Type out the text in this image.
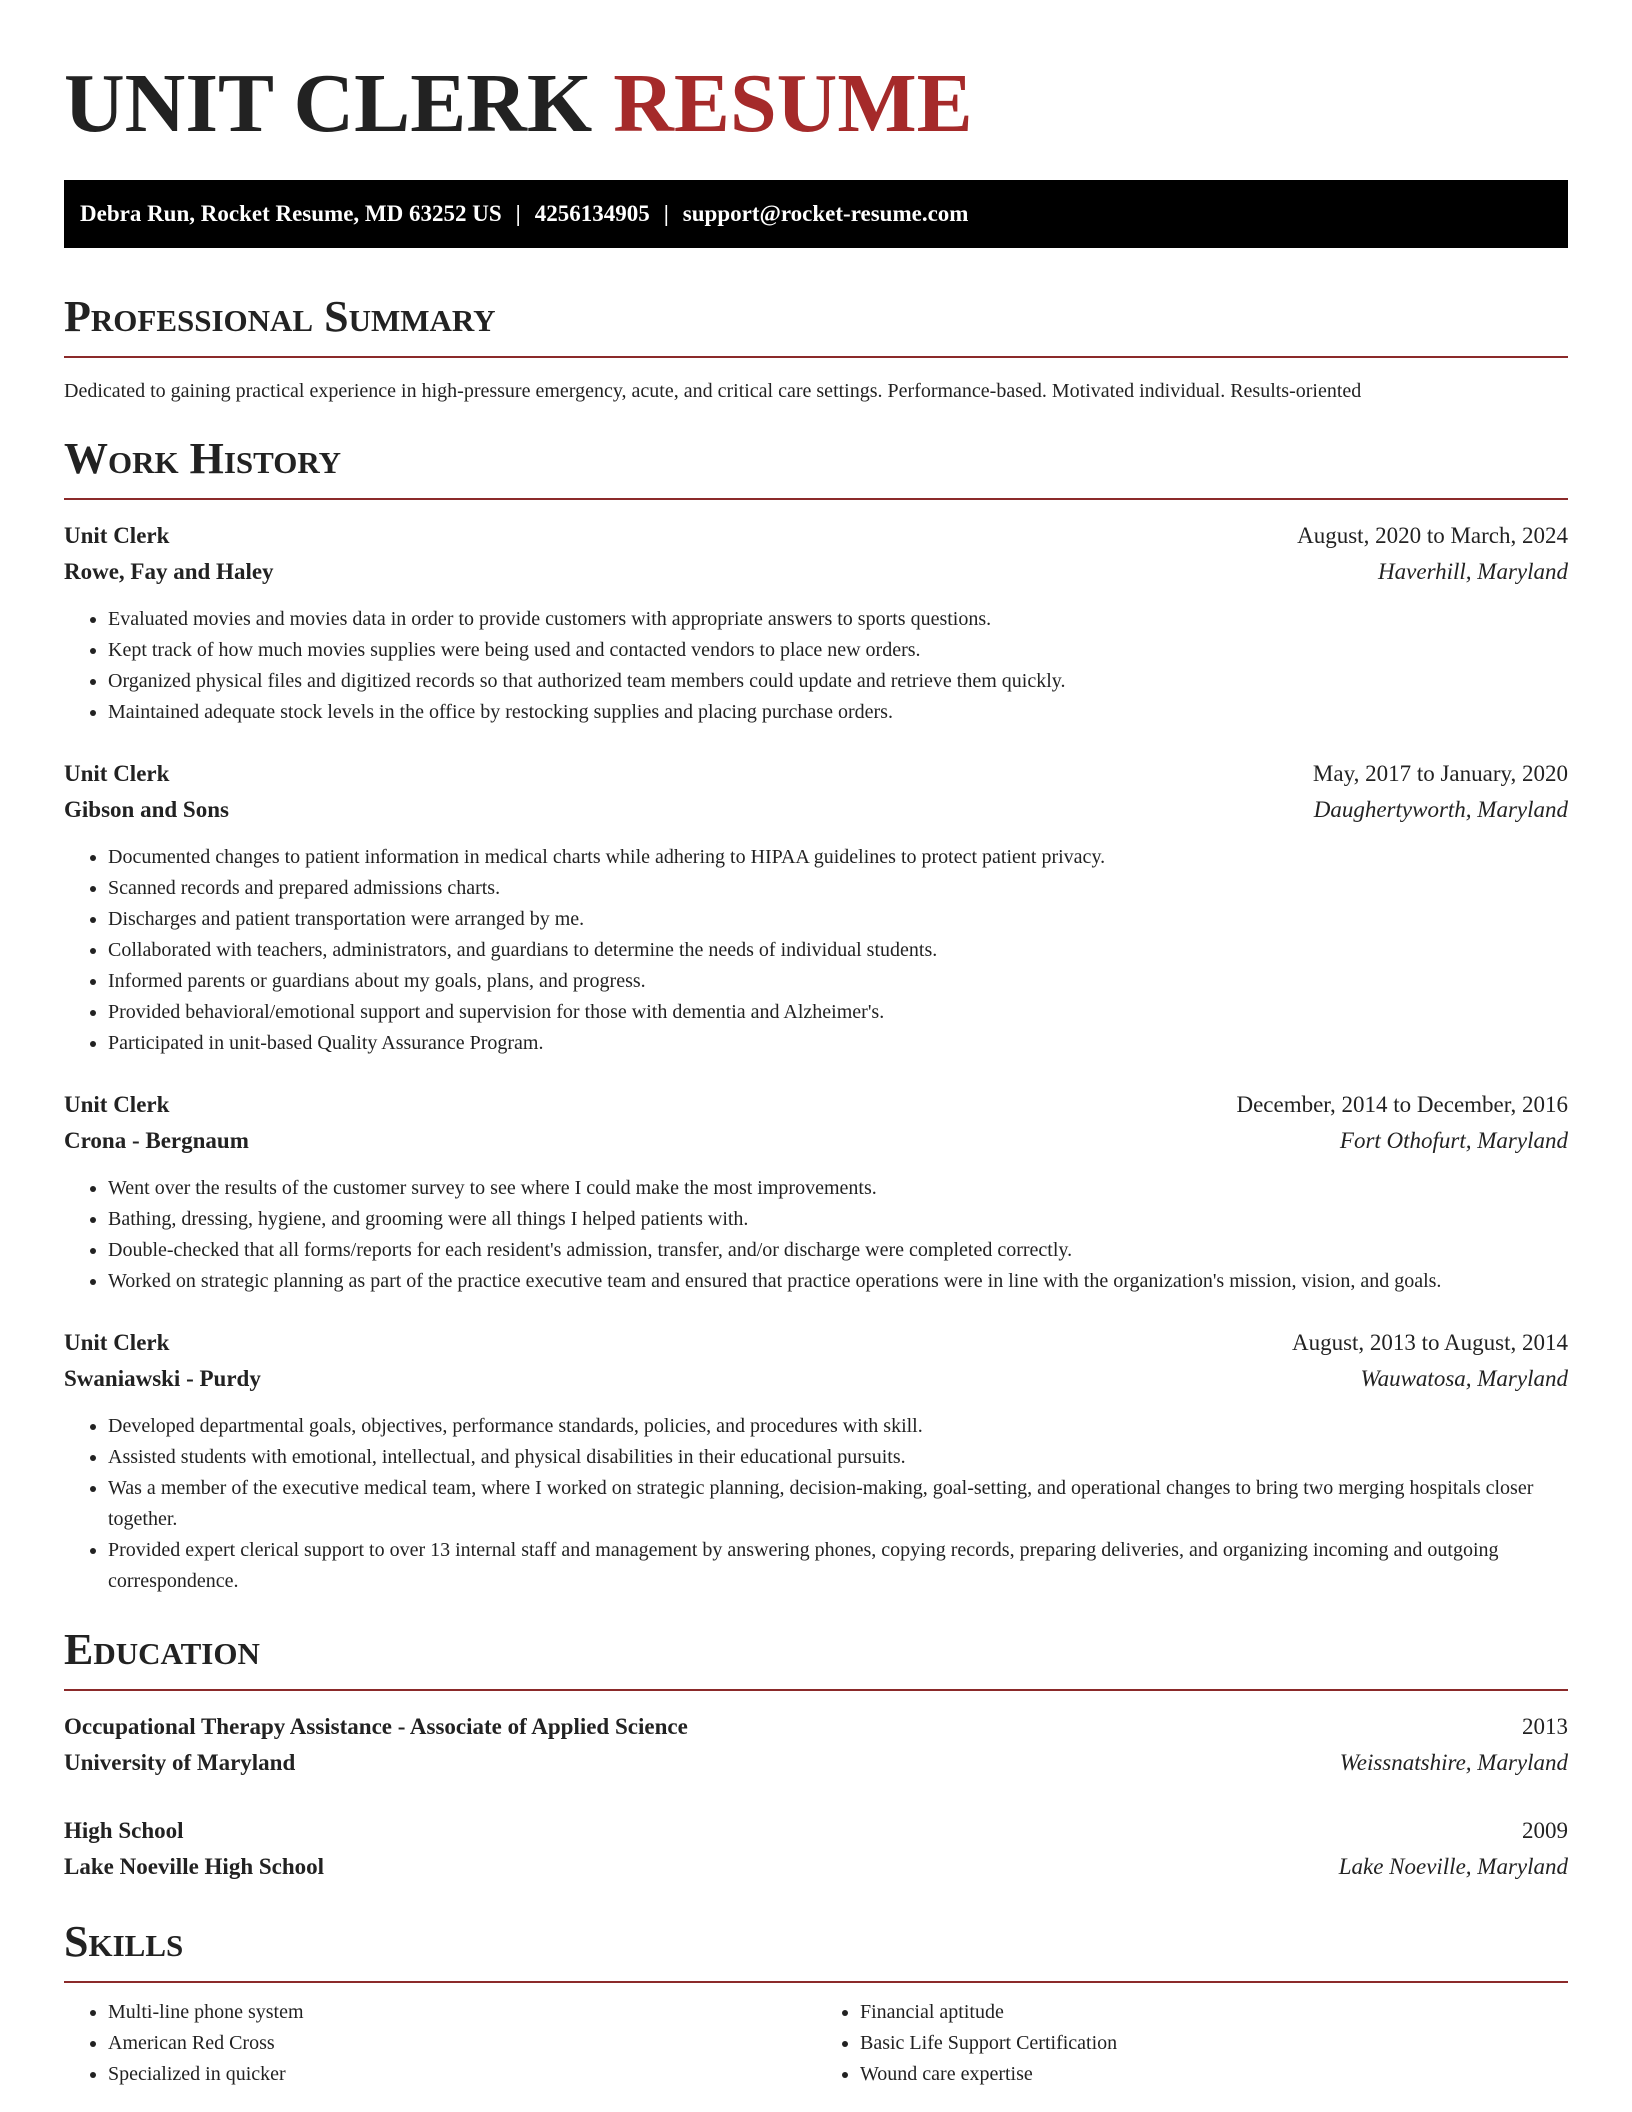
UNIT CLERK RESUME
Debra Run, Rocket Resume, MD 63252 US | 4256134905 | support@rocket-resume.com
Professional Summary

Dedicated to gaining practical experience in high-pressure emergency, acute, and critical care settings. Performance-based. Motivated individual. Results-oriented

Work History
Unit Clerk	August, 2020 to March, 2024
Rowe, Fay and Haley	Haverhill, Maryland
• Evaluated movies and movies data in order to provide customers with appropriate answers to sports questions.
• Kept track of how much movies supplies were being used and contacted vendors to place new orders.
• Organized physical files and digitized records so that authorized team members could update and retrieve them quickly.
• Maintained adequate stock levels in the office by restocking supplies and placing purchase orders.
Unit Clerk	May, 2017 to January, 2020
Gibson and Sons	Daughertyworth, Maryland
• Documented changes to patient information in medical charts while adhering to HIPAA guidelines to protect patient privacy.
• Scanned records and prepared admissions charts.
• Discharges and patient transportation were arranged by me.
• Collaborated with teachers, administrators, and guardians to determine the needs of individual students.
• Informed parents or guardians about my goals, plans, and progress.
• Provided behavioral/emotional support and supervision for those with dementia and Alzheimer's.
• Participated in unit-based Quality Assurance Program.
Unit Clerk	December, 2014 to December, 2016
Crona - Bergnaum	Fort Othofurt, Maryland
• Went over the results of the customer survey to see where I could make the most improvements.
• Bathing, dressing, hygiene, and grooming were all things I helped patients with.
• Double-checked that all forms/reports for each resident's admission, transfer, and/or discharge were completed correctly.
• Worked on strategic planning as part of the practice executive team and ensured that practice operations were in line with the organization's mission, vision, and goals.
Unit Clerk	August, 2013 to August, 2014
Swaniawski - Purdy	Wauwatosa, Maryland
• Developed departmental goals, objectives, performance standards, policies, and procedures with skill.
• Assisted students with emotional, intellectual, and physical disabilities in their educational pursuits.
• Was a member of the executive medical team, where I worked on strategic planning, decision-making, goal-setting, and operational changes to bring two merging hospitals closer together.
• Provided expert clerical support to over 13 internal staff and management by answering phones, copying records, preparing deliveries, and organizing incoming and outgoing correspondence.
Education
Occupational Therapy Assistance - Associate of Applied Science	2013
University of Maryland	Weissnatshire, Maryland
High School	2009
Lake Noeville High School	Lake Noeville, Maryland
Skills
• Multi-line phone system
• American Red Cross
• Specialized in quicker
• Financial aptitude
• Basic Life Support Certification
• Wound care expertise
